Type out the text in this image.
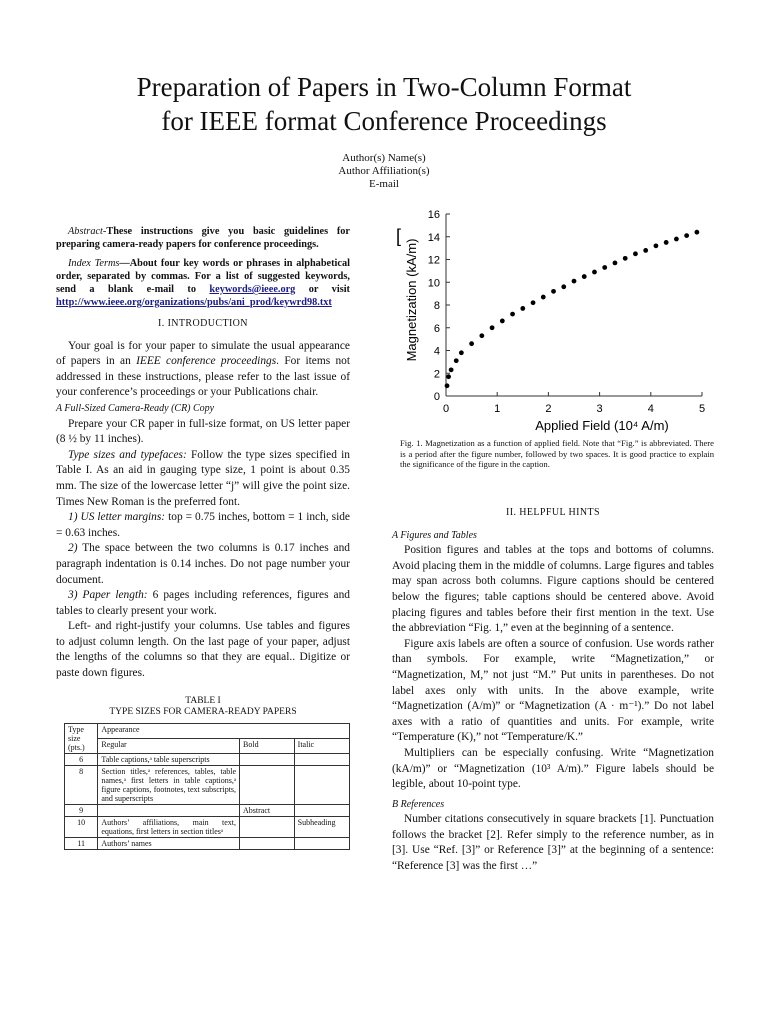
Preparation of Papers in Two-Column Format
for IEEE format Conference Proceedings
Author(s) Name(s)
Author Affiliation(s)
E-mail

Abstract-These instructions give you basic guidelines for preparing camera-ready papers for conference proceedings.

Index Terms—About four key words or phrases in alphabetical order, separated by commas. For a list of suggested keywords, send a blank e-mail to keywords@ieee.org or visit http://www.ieee.org/organizations/pubs/ani_prod/keywrd98.txt

I. INTRODUCTION

Your goal is for your paper to simulate the usual appearance of papers in an IEEE conference proceedings. For items not addressed in these instructions, please refer to the last issue of your conference’s proceedings or your Publications chair.

A Full-Sized Camera-Ready (CR) Copy

Prepare your CR paper in full-size format, on US letter paper (8 ½ by 11 inches).

Type sizes and typefaces: Follow the type sizes specified in Table I. As an aid in gauging type size, 1 point is about 0.35 mm. The size of the lowercase letter “j” will give the point size. Times New Roman is the preferred font.

1) US letter margins: top = 0.75 inches, bottom = 1 inch, side = 0.63 inches.

2) The space between the two columns is 0.17 inches and paragraph indentation is 0.14 inches. Do not page number your document.

3) Paper length: 6 pages including references, figures and tables to clearly present your work.

Left- and right-justify your columns. Use tables and figures to adjust column length. On the last page of your paper, adjust the lengths of the columns so that they are equal.. Digitize or paste down figures.

TABLE I
TYPE SIZES FOR CAMERA-READY PAPERS
Type size (pts.)	Appearance		
	Regular	Bold	Italic
6	Table captions,ᵃ table superscripts		
8	Section titles,ᵃ references, tables, table names,ᵃ first letters in table captions,ᵃ figure captions, footnotes, text subscripts, and superscripts		
9		Abstract	
10	Authors’ affiliations, main text, equations, first letters in section titlesᵃ		Subheading
11	Authors’ names		
[
0	1	2	3	4	5
0
2
4
6
8
10
12
14
16
Applied Field (10⁴ A/m)
Magnetization (kA/m)
Fig. 1. Magnetization as a function of applied field. Note that “Fig.” is abbreviated. There is a period after the figure number, followed by two spaces. It is good practice to explain the significance of the figure in the caption.
II. HELPFUL HINTS

A Figures and Tables

Position figures and tables at the tops and bottoms of columns. Avoid placing them in the middle of columns. Large figures and tables may span across both columns. Figure captions should be centered below the figures; table captions should be centered above. Avoid placing figures and tables before their first mention in the text. Use the abbreviation “Fig. 1,” even at the beginning of a sentence.

Figure axis labels are often a source of confusion. Use words rather than symbols. For example, write “Magnetization,” or “Magnetization, M,” not just “M.” Put units in parentheses. Do not label axes only with units. In the above example, write “Magnetization (A/m)” or “Magnetization (A · m⁻¹).” Do not label axes with a ratio of quantities and units. For example, write “Temperature (K),” not “Temperature/K.”

Multipliers can be especially confusing. Write “Magnetization (kA/m)” or “Magnetization (10³ A/m).” Figure labels should be legible, about 10-point type.

B References

Number citations consecutively in square brackets [1]. Punctuation follows the bracket [2]. Refer simply to the reference number, as in [3]. Use “Ref. [3]” or Reference [3]” at the beginning of a sentence: “Reference [3] was the first …”
